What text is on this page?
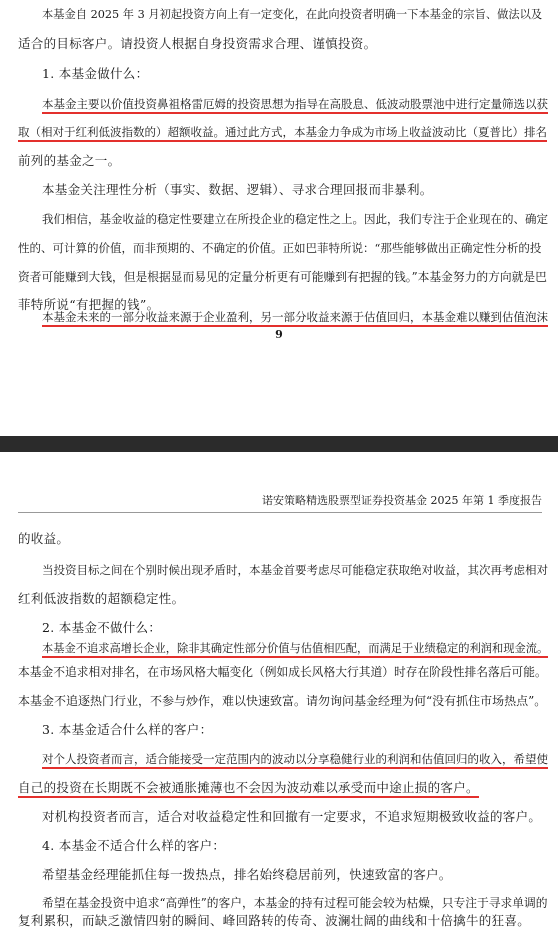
本基金自 2025 年 3 月初起投资方向上有一定变化，在此向投资者明确一下本基金的宗旨、做法以及
适合的目标客户。请投资人根据自身投资需求合理、谨慎投资。
1. 本基金做什么：
本基金主要以价值投资鼻祖格雷厄姆的投资思想为指导在高股息、低波动股票池中进行定量筛选以获
取（相对于红利低波指数的）超额收益。通过此方式，本基金力争成为市场上收益波动比（夏普比）排名
前列的基金之一。
本基金关注理性分析（事实、数据、逻辑）、寻求合理回报而非暴利。
我们相信，基金收益的稳定性要建立在所投企业的稳定性之上。因此，我们专注于企业现在的、确定
性的、可计算的价值，而非预期的、不确定的价值。正如巴菲特所说：“那些能够做出正确定性分析的投
资者可能赚到大钱，但是根据显而易见的定量分析更有可能赚到有把握的钱。”本基金努力的方向就是巴
菲特所说“有把握的钱”。
本基金未来的一部分收益来源于企业盈利，另一部分收益来源于估值回归，本基金难以赚到估值泡沫
9
诺安策略精选股票型证券投资基金 2025 年第 1 季度报告
的收益。
当投资目标之间在个别时候出现矛盾时，本基金首要考虑尽可能稳定获取绝对收益，其次再考虑相对
红利低波指数的超额稳定性。
2. 本基金不做什么：
本基金不追求高增长企业，除非其确定性部分价值与估值相匹配，而满足于业绩稳定的利润和现金流。
本基金不追求相对排名，在市场风格大幅变化（例如成长风格大行其道）时存在阶段性排名落后可能。
本基金不追逐热门行业，不参与炒作，难以快速致富。请勿询问基金经理为何“没有抓住市场热点”。
3. 本基金适合什么样的客户：
对个人投资者而言，适合能接受一定范围内的波动以分享稳健行业的利润和估值回归的收入，希望使
自己的投资在长期既不会被通胀摊薄也不会因为波动难以承受而中途止损的客户。
对机构投资者而言，适合对收益稳定性和回撤有一定要求，不追求短期极致收益的客户。
4. 本基金不适合什么样的客户：
希望基金经理能抓住每一拨热点，排名始终稳居前列，快速致富的客户。
希望在基金投资中追求“高弹性”的客户，本基金的持有过程可能会较为枯燥，只专注于寻求单调的
复利累积，而缺乏激情四射的瞬间、峰回路转的传奇、波澜壮阔的曲线和十倍擒牛的狂喜。
